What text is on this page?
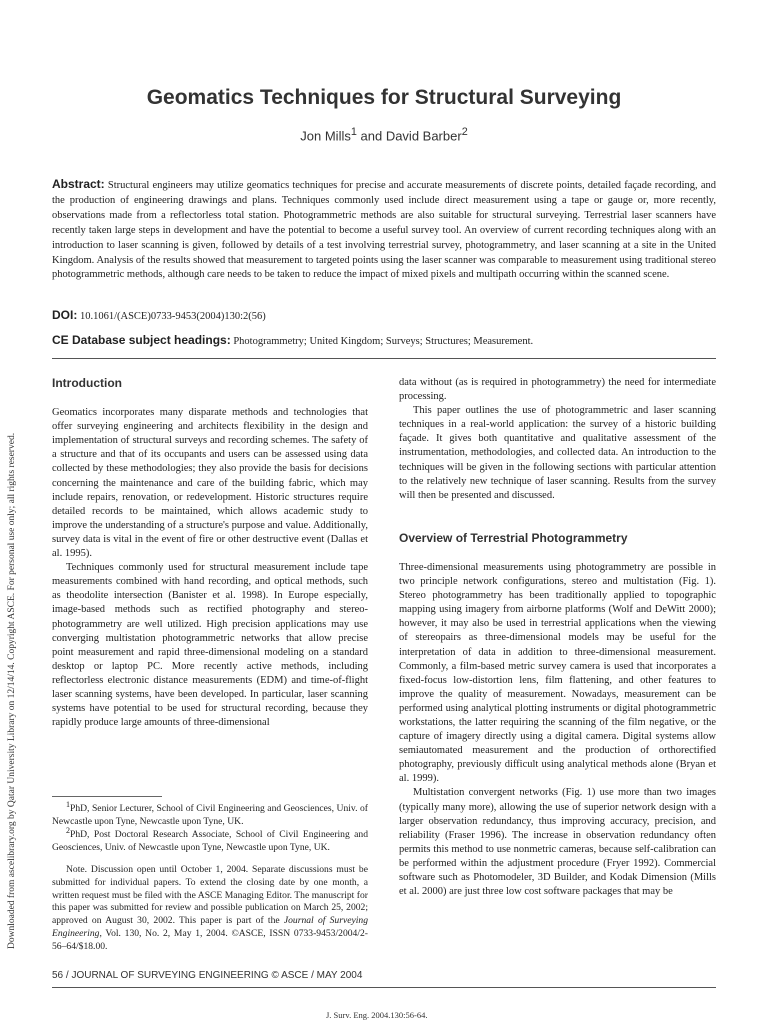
Downloaded from ascelibrary.org by Qatar University Library on 12/14/14. Copyright ASCE. For personal use only; all rights reserved.
Geomatics Techniques for Structural Surveying
Jon Mills$^1$ and David Barber$^2$
Abstract: Structural engineers may utilize geomatics techniques for precise and accurate measurements of discrete points, detailed façade recording, and the production of engineering drawings and plans. Techniques commonly used include direct measurement using a tape or gauge or, more recently, observations made from a reflectorless total station. Photogrammetric methods are also suitable for structural surveying. Terrestrial laser scanners have recently taken large steps in development and have the potential to become a useful survey tool. An overview of current recording techniques along with an introduction to laser scanning is given, followed by details of a test involving terrestrial survey, photogrammetry, and laser scanning at a site in the United Kingdom. Analysis of the results showed that measurement to targeted points using the laser scanner was comparable to measurement using traditional stereo photogrammetric methods, although care needs to be taken to reduce the impact of mixed pixels and multipath occurring within the scanned scene.
DOI: 10.1061/(ASCE)0733-9453(2004)130:2(56)
CE Database subject headings: Photogrammetry; United Kingdom; Surveys; Structures; Measurement.
Introduction

Geomatics incorporates many disparate methods and technologies that offer surveying engineering and architects flexibility in the design and implementation of structural surveys and recording schemes. The safety of a structure and that of its occupants and users can be assessed using data collected by these methodologies; they also provide the basis for decisions concerning the maintenance and care of the building fabric, which may include repairs, renovation, or redevelopment. Historic structures require detailed records to be maintained, which allows academic study to improve the understanding of a structure's purpose and value. Additionally, survey data is vital in the event of fire or other destructive event (Dallas et al. 1995).

Techniques commonly used for structural measurement include tape measurements combined with hand recording, and optical methods, such as theodolite intersection (Banister et al. 1998). In Europe especially, image-based methods such as rectified photography and stereo-photogrammetry are well utilized. High precision applications may use converging multistation photogrammetric networks that allow precise point measurement and rapid three-dimensional modeling on a standard desktop or laptop PC. More recently active methods, including reflectorless electronic distance measurements (EDM) and time-of-flight laser scanning systems, have been developed. In particular, laser scanning systems have potential to be used for structural recording, because they rapidly produce large amounts of three-dimensional

$^1$PhD, Senior Lecturer, School of Civil Engineering and Geosciences, Univ. of Newcastle upon Tyne, Newcastle upon Tyne, UK.
$^2$PhD, Post Doctoral Research Associate, School of Civil Engineering and Geosciences, Univ. of Newcastle upon Tyne, Newcastle upon Tyne, UK.
Note. Discussion open until October 1, 2004. Separate discussions must be submitted for individual papers. To extend the closing date by one month, a written request must be filed with the ASCE Managing Editor. The manuscript for this paper was submitted for review and possible publication on March 25, 2002; approved on August 30, 2002. This paper is part of the Journal of Surveying Engineering, Vol. 130, No. 2, May 1, 2004. ©ASCE, ISSN 0733-9453/2004/2-56–64/$18.00.

data without (as is required in photogrammetry) the need for intermediate processing.

This paper outlines the use of photogrammetric and laser scanning techniques in a real-world application: the survey of a historic building façade. It gives both quantitative and qualitative assessment of the instrumentation, methodologies, and collected data. An introduction to the techniques will be given in the following sections with particular attention to the relatively new technique of laser scanning. Results from the survey will then be presented and discussed.

Overview of Terrestrial Photogrammetry

Three-dimensional measurements using photogrammetry are possible in two principle network configurations, stereo and multistation (Fig. 1). Stereo photogrammetry has been traditionally applied to topographic mapping using imagery from airborne platforms (Wolf and DeWitt 2000); however, it may also be used in terrestrial applications when the viewing of stereopairs as three-dimensional models may be useful for the interpretation of data in addition to three-dimensional measurement. Commonly, a film-based metric survey camera is used that incorporates a fixed-focus low-distortion lens, film flattening, and other features to improve the quality of measurement. Nowadays, measurement can be performed using analytical plotting instruments or digital photogrammetric workstations, the latter requiring the scanning of the film negative, or the capture of imagery directly using a digital camera. Digital systems allow semiautomated measurement and the production of orthorectified photography, previously difficult using analytical methods alone (Bryan et al. 1999).

Multistation convergent networks (Fig. 1) use more than two images (typically many more), allowing the use of superior network design with a larger observation redundancy, thus improving accuracy, precision, and reliability (Fraser 1996). The increase in observation redundancy often permits this method to use nonmetric cameras, because self-calibration can be performed within the adjustment procedure (Fryer 1992). Commercial software such as Photomodeler, 3D Builder, and Kodak Dimension (Mills et al. 2000) are just three low cost software packages that may be

56 / JOURNAL OF SURVEYING ENGINEERING © ASCE / MAY 2004
J. Surv. Eng. 2004.130:56-64.
